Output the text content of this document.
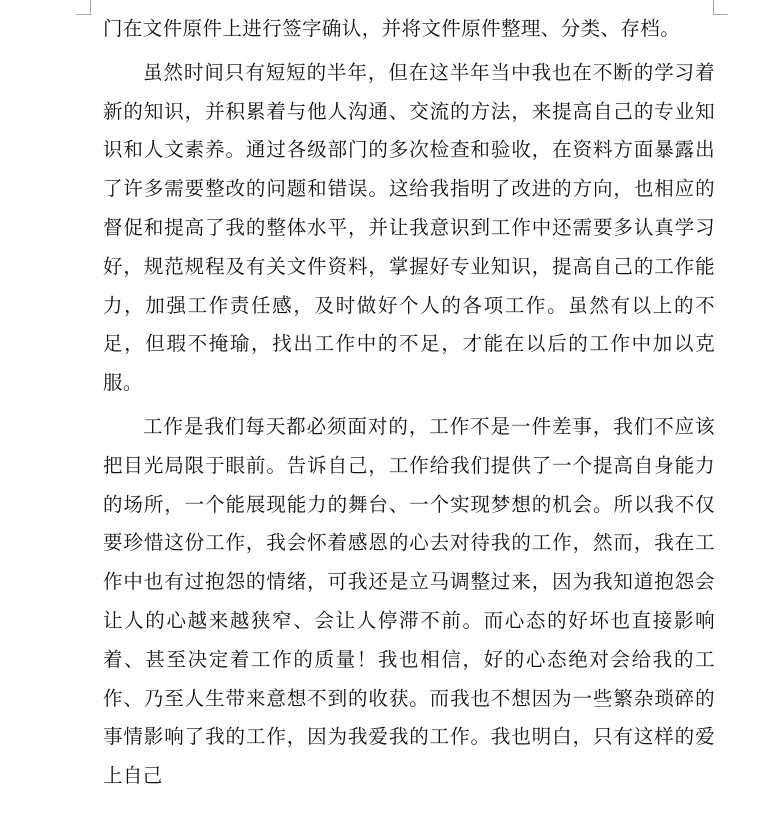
门在文件原件上进行签字确认，并将文件原件整理、分类、存档。

虽然时间只有短短的半年，但在这半年当中我也在不断的学习着新的知识，并积累着与他人沟通、交流的方法，来提高自己的专业知识和人文素养。通过各级部门的多次检查和验收，在资料方面暴露出了许多需要整改的问题和错误。这给我指明了改进的方向，也相应的督促和提高了我的整体水平，并让我意识到工作中还需要多认真学习好，规范规程及有关文件资料，掌握好专业知识，提高自己的工作能力，加强工作责任感，及时做好个人的各项工作。虽然有以上的不足，但瑕不掩瑜，找出工作中的不足，才能在以后的工作中加以克服。

工作是我们每天都必须面对的，工作不是一件差事，我们不应该把目光局限于眼前。告诉自己，工作给我们提供了一个提高自身能力的场所，一个能展现能力的舞台、一个实现梦想的机会。所以我不仅要珍惜这份工作，我会怀着感恩的心去对待我的工作，然而，我在工作中也有过抱怨的情绪，可我还是立马调整过来，因为我知道抱怨会让人的心越来越狭窄、会让人停滞不前。而心态的好坏也直接影响着、甚至决定着工作的质量！我也相信，好的心态绝对会给我的工作、乃至人生带来意想不到的收获。而我也不想因为一些繁杂琐碎的事情影响了我的工作，因为我爱我的工作。我也明白，只有这样的爱上自己
